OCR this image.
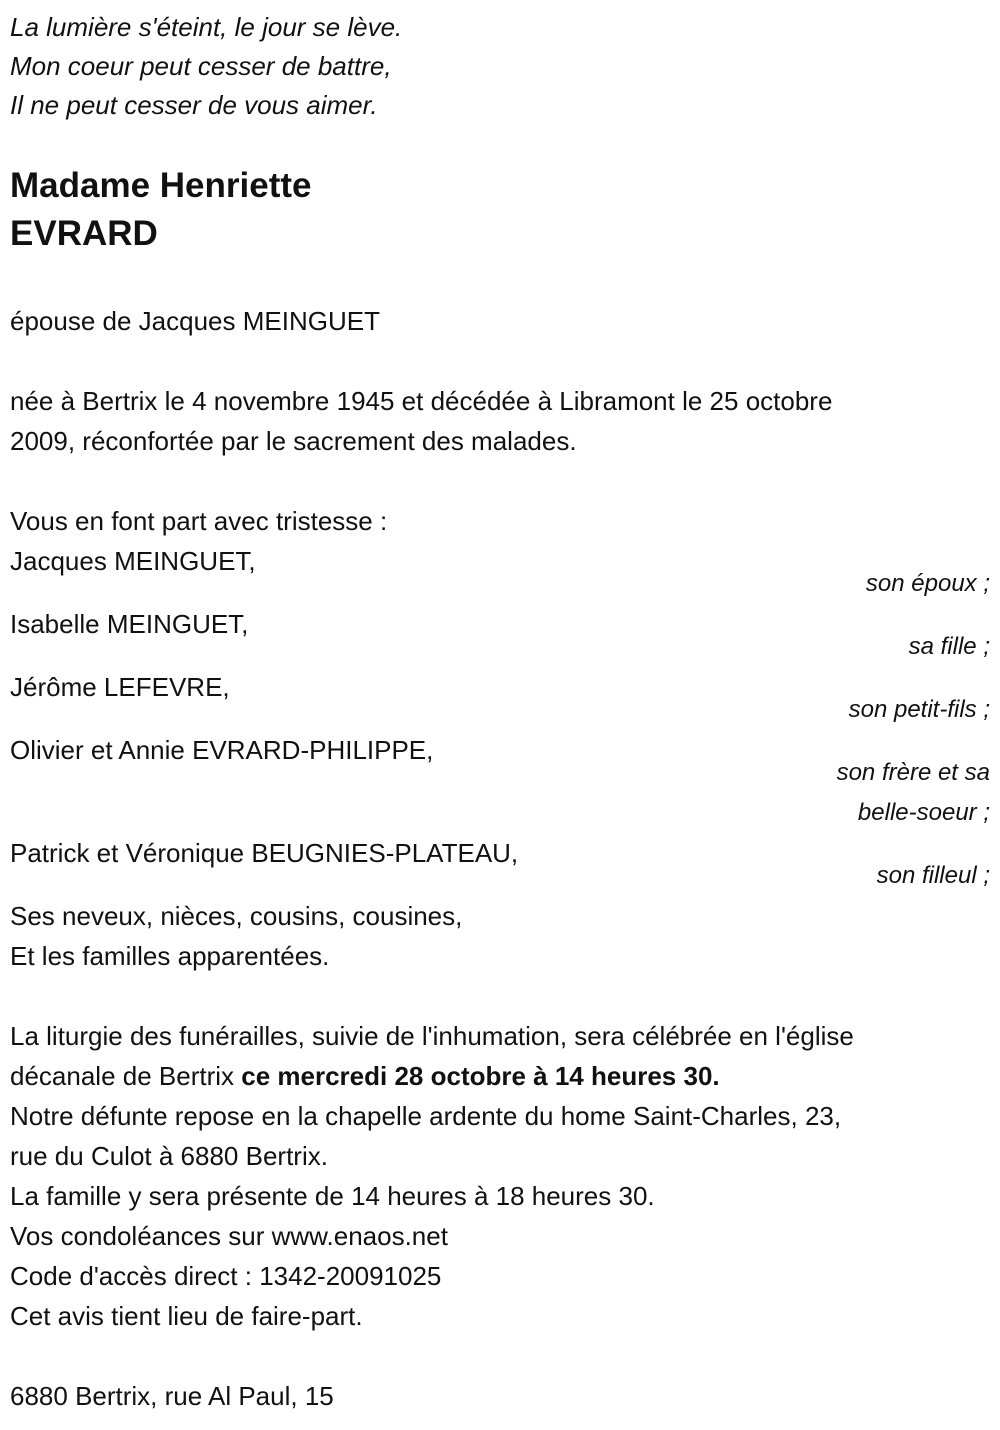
La lumière s'éteint, le jour se lève.
Mon coeur peut cesser de battre,
Il ne peut cesser de vous aimer.
Madame Henriette
EVRARD
épouse de Jacques MEINGUET
née à Bertrix le 4 novembre 1945 et décédée à Libramont le 25 octobre
2009, réconfortée par le sacrement des malades.
Vous en font part avec tristesse :
Jacques MEINGUET,
son époux ;
Isabelle MEINGUET,
sa fille ;
Jérôme LEFEVRE,
son petit-fils ;
Olivier et Annie EVRARD-PHILIPPE,
son frère et sa
belle-soeur ;
Patrick et Véronique BEUGNIES-PLATEAU,
son filleul ;
Ses neveux, nièces, cousins, cousines,
Et les familles apparentées.
La liturgie des funérailles, suivie de l'inhumation, sera célébrée en l'église
décanale de Bertrix ce mercredi 28 octobre à 14 heures 30.
Notre défunte repose en la chapelle ardente du home Saint-Charles, 23,
rue du Culot à 6880 Bertrix.
La famille y sera présente de 14 heures à 18 heures 30.
Vos condoléances sur www.enaos.net
Code d'accès direct : 1342-20091025
Cet avis tient lieu de faire-part.
6880 Bertrix, rue Al Paul, 15
